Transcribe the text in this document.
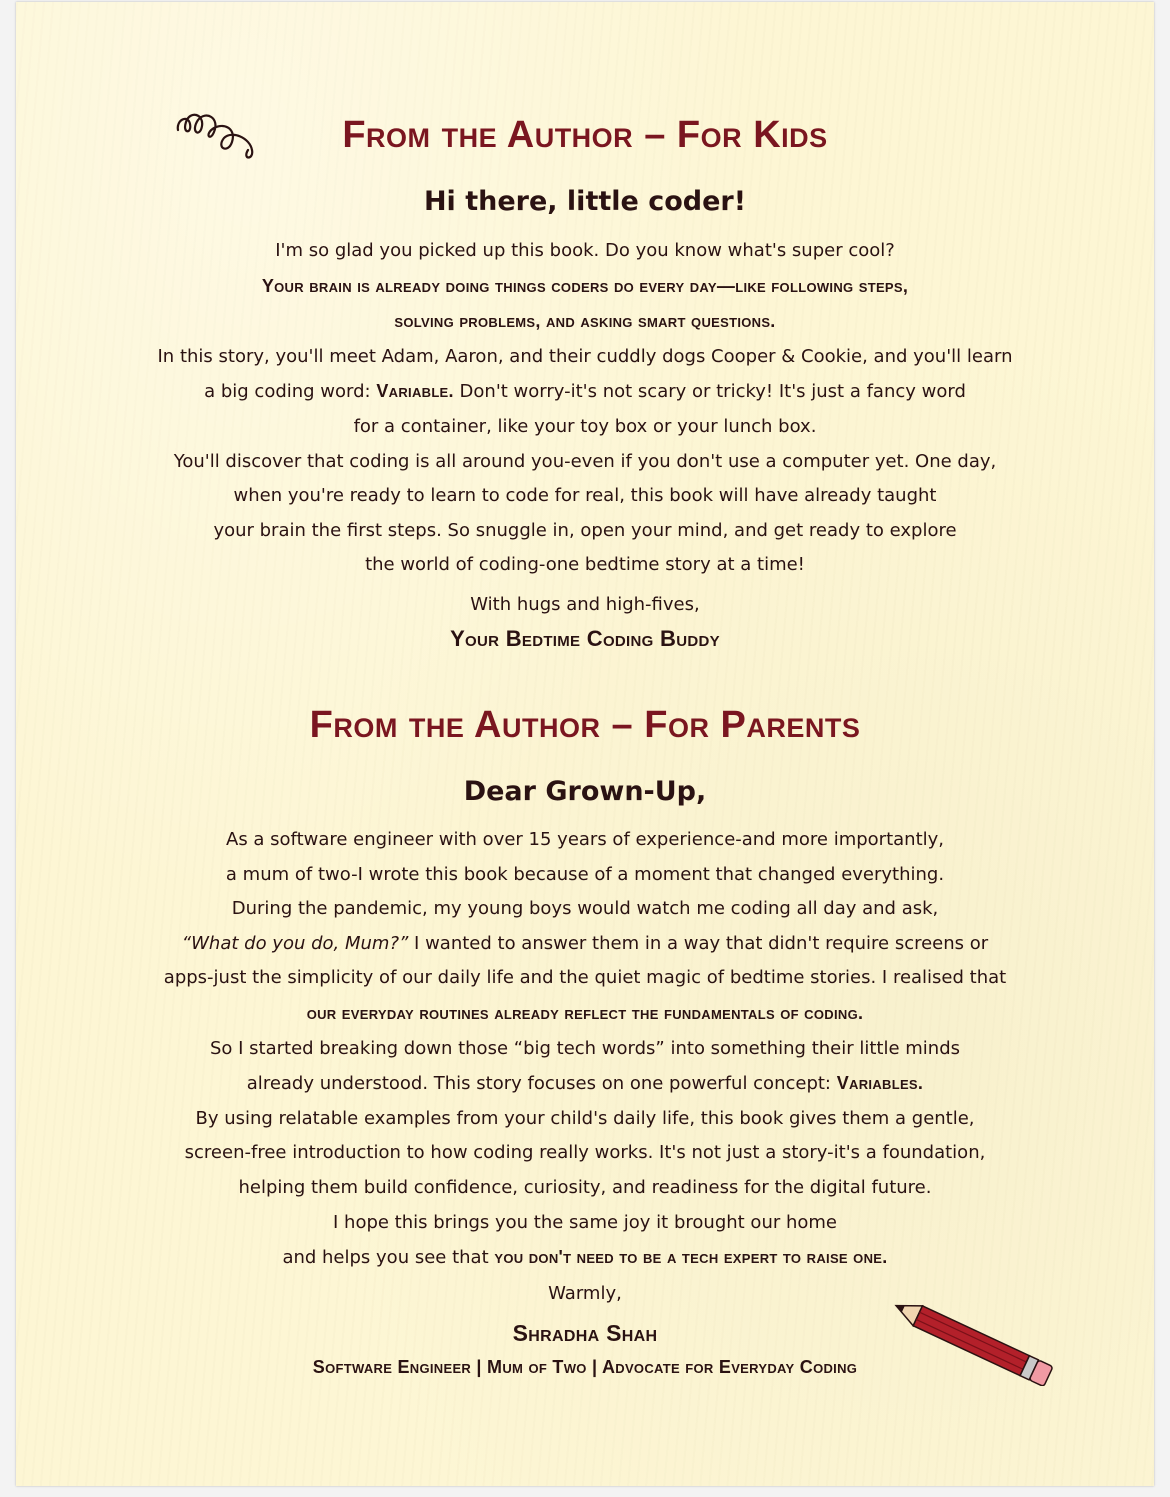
From the Author – For Kids
Hi there, little coder!
I'm so glad you picked up this book. Do you know what's super cool?
Your brain is already doing things coders do every day—like following steps,
solving problems, and asking smart questions.
In this story, you'll meet Adam, Aaron, and their cuddly dogs Cooper & Cookie, and you'll learn
a big coding word: Variable. Don't worry-it's not scary or tricky! It's just a fancy word
for a container, like your toy box or your lunch box.
You'll discover that coding is all around you-even if you don't use a computer yet. One day,
when you're ready to learn to code for real, this book will have already taught
your brain the first steps. So snuggle in, open your mind, and get ready to explore
the world of coding-one bedtime story at a time!
With hugs and high-fives,
Your Bedtime Coding Buddy
From the Author – For Parents
Dear Grown-Up,
As a software engineer with over 15 years of experience-and more importantly,
a mum of two-I wrote this book because of a moment that changed everything.
During the pandemic, my young boys would watch me coding all day and ask,
“What do you do, Mum?” I wanted to answer them in a way that didn't require screens or
apps-just the simplicity of our daily life and the quiet magic of bedtime stories. I realised that
our everyday routines already reflect the fundamentals of coding.
So I started breaking down those “big tech words” into something their little minds
already understood. This story focuses on one powerful concept: Variables.
By using relatable examples from your child's daily life, this book gives them a gentle,
screen-free introduction to how coding really works. It's not just a story-it's a foundation,
helping them build confidence, curiosity, and readiness for the digital future.
I hope this brings you the same joy it brought our home
and helps you see that you don't need to be a tech expert to raise one.
Warmly,
Shradha Shah
Software Engineer | Mum of Two | Advocate for Everyday Coding
